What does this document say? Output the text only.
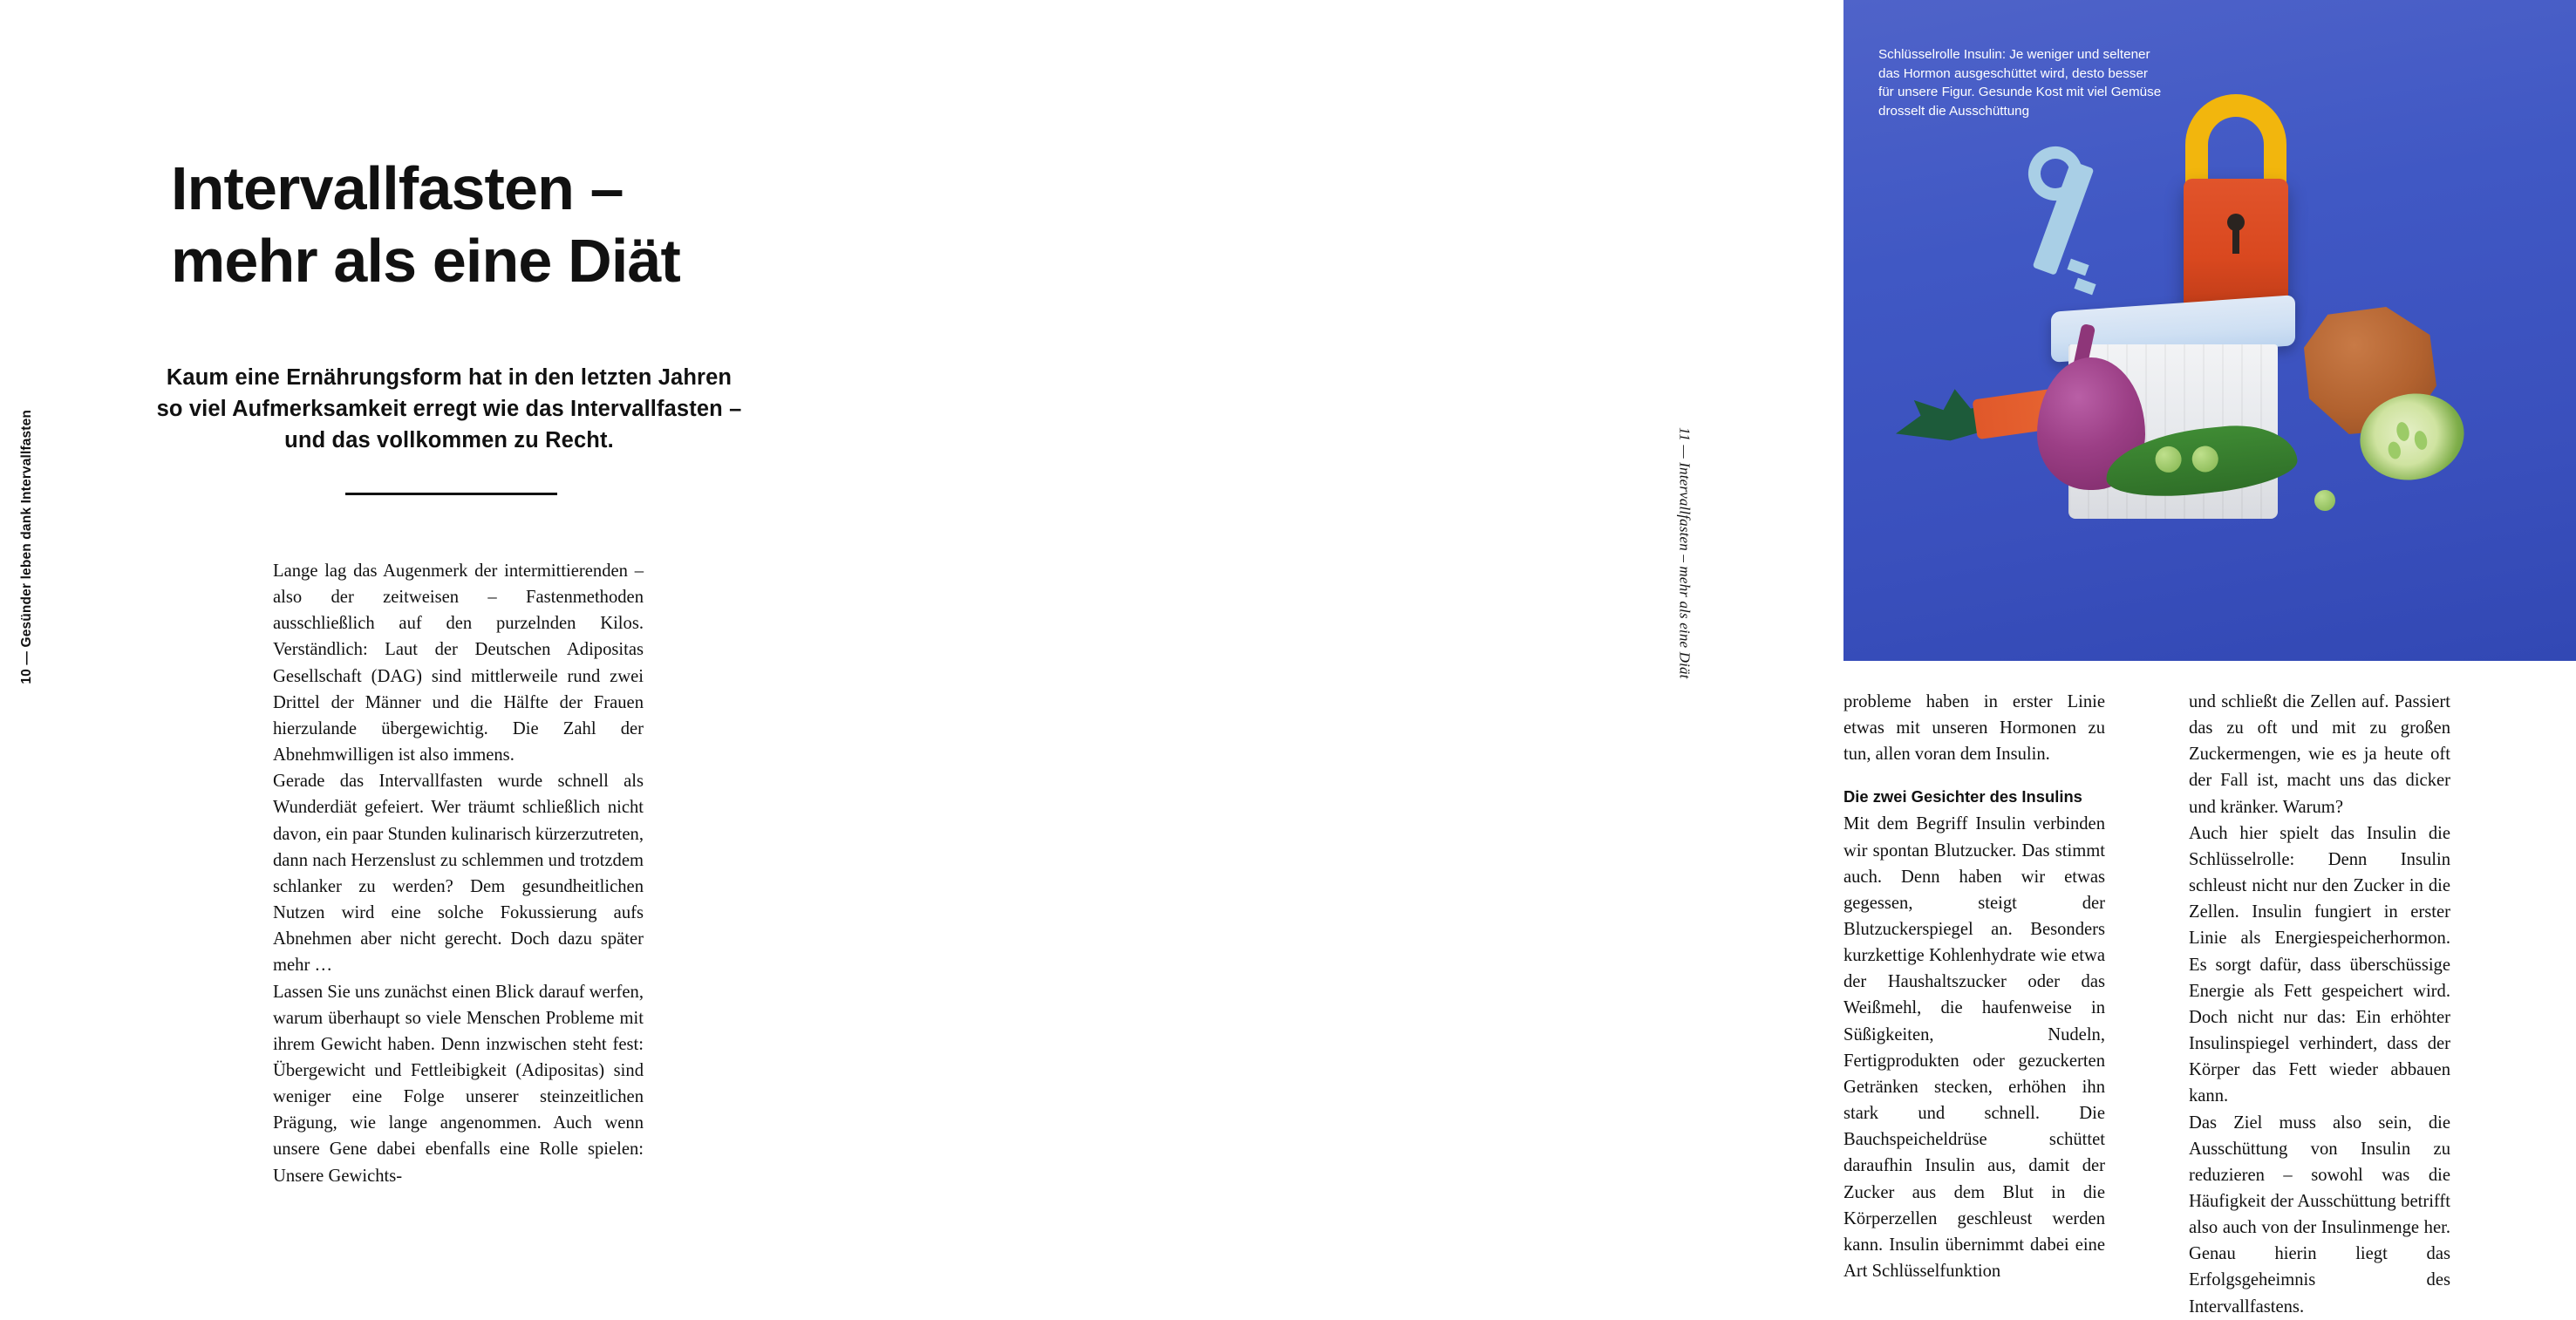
10 — Gesünder leben dank Intervallfasten
Intervallfasten –
mehr als eine Diät
Kaum eine Ernährungsform hat in den letzten Jahren
so viel Aufmerksamkeit erregt wie das Intervallfasten –
und das vollkommen zu Recht.

Lange lag das Augenmerk der intermittierenden – also der zeitweisen – Fastenmethoden ausschließlich auf den purzelnden Kilos. Verständlich: Laut der Deutschen Adipositas Gesellschaft (DAG) sind mittlerweile rund zwei Drittel der Männer und die Hälfte der Frauen hierzulande übergewichtig. Die Zahl der Abnehmwilligen ist also immens.

Gerade das Intervallfasten wurde schnell als Wunderdiät gefeiert. Wer träumt schließlich nicht davon, ein paar Stunden kulinarisch kürzerzutreten, dann nach Herzenslust zu schlemmen und trotzdem schlanker zu werden? Dem gesundheitlichen Nutzen wird eine solche Fokussierung aufs Abnehmen aber nicht gerecht. Doch dazu später mehr …

Lassen Sie uns zunächst einen Blick darauf werfen, warum überhaupt so viele Menschen Probleme mit ihrem Gewicht haben. Denn inzwischen steht fest: Übergewicht und Fettleibigkeit (Adipositas) sind weniger eine Folge unserer steinzeitlichen Prägung, wie lange angenommen. Auch wenn unsere Gene dabei ebenfalls eine Rolle spielen: Unsere Gewichts-

11 — Intervallfasten – mehr als eine Diät
Schlüsselrolle Insulin: Je weniger und seltener das Hormon ausgeschüttet wird, desto besser für unsere Figur. Gesunde Kost mit viel Gemüse drosselt die Ausschüttung

probleme haben in erster Linie etwas mit unseren Hormonen zu tun, allen voran dem Insulin.

Die zwei Gesichter des Insulins

Mit dem Begriff Insulin verbinden wir spontan Blutzucker. Das stimmt auch. Denn haben wir etwas gegessen, steigt der Blutzuckerspiegel an. Besonders kurzkettige Kohlenhydrate wie etwa der Haushaltszucker oder das Weißmehl, die haufenweise in Süßigkeiten, Nudeln, Fertigprodukten oder gezuckerten Getränken stecken, erhöhen ihn stark und schnell. Die Bauchspeicheldrüse schüttet daraufhin Insulin aus, damit der Zucker aus dem Blut in die Körperzellen geschleust werden kann. Insulin übernimmt dabei eine Art Schlüsselfunktion

und schließt die Zellen auf. Passiert das zu oft und mit zu großen Zuckermengen, wie es ja heute oft der Fall ist, macht uns das dicker und kränker. Warum?

Auch hier spielt das Insulin die Schlüsselrolle: Denn Insulin schleust nicht nur den Zucker in die Zellen. Insulin fungiert in erster Linie als Energiespeicherhormon. Es sorgt dafür, dass überschüssige Energie als Fett gespeichert wird. Doch nicht nur das: Ein erhöhter Insulinspiegel verhindert, dass der Körper das Fett wieder abbauen kann.

Das Ziel muss also sein, die Ausschüttung von Insulin zu reduzieren – sowohl was die Häufigkeit der Ausschüttung betrifft also auch von der Insulinmenge her. Genau hierin liegt das Erfolgsgeheimnis des Intervallfastens.
